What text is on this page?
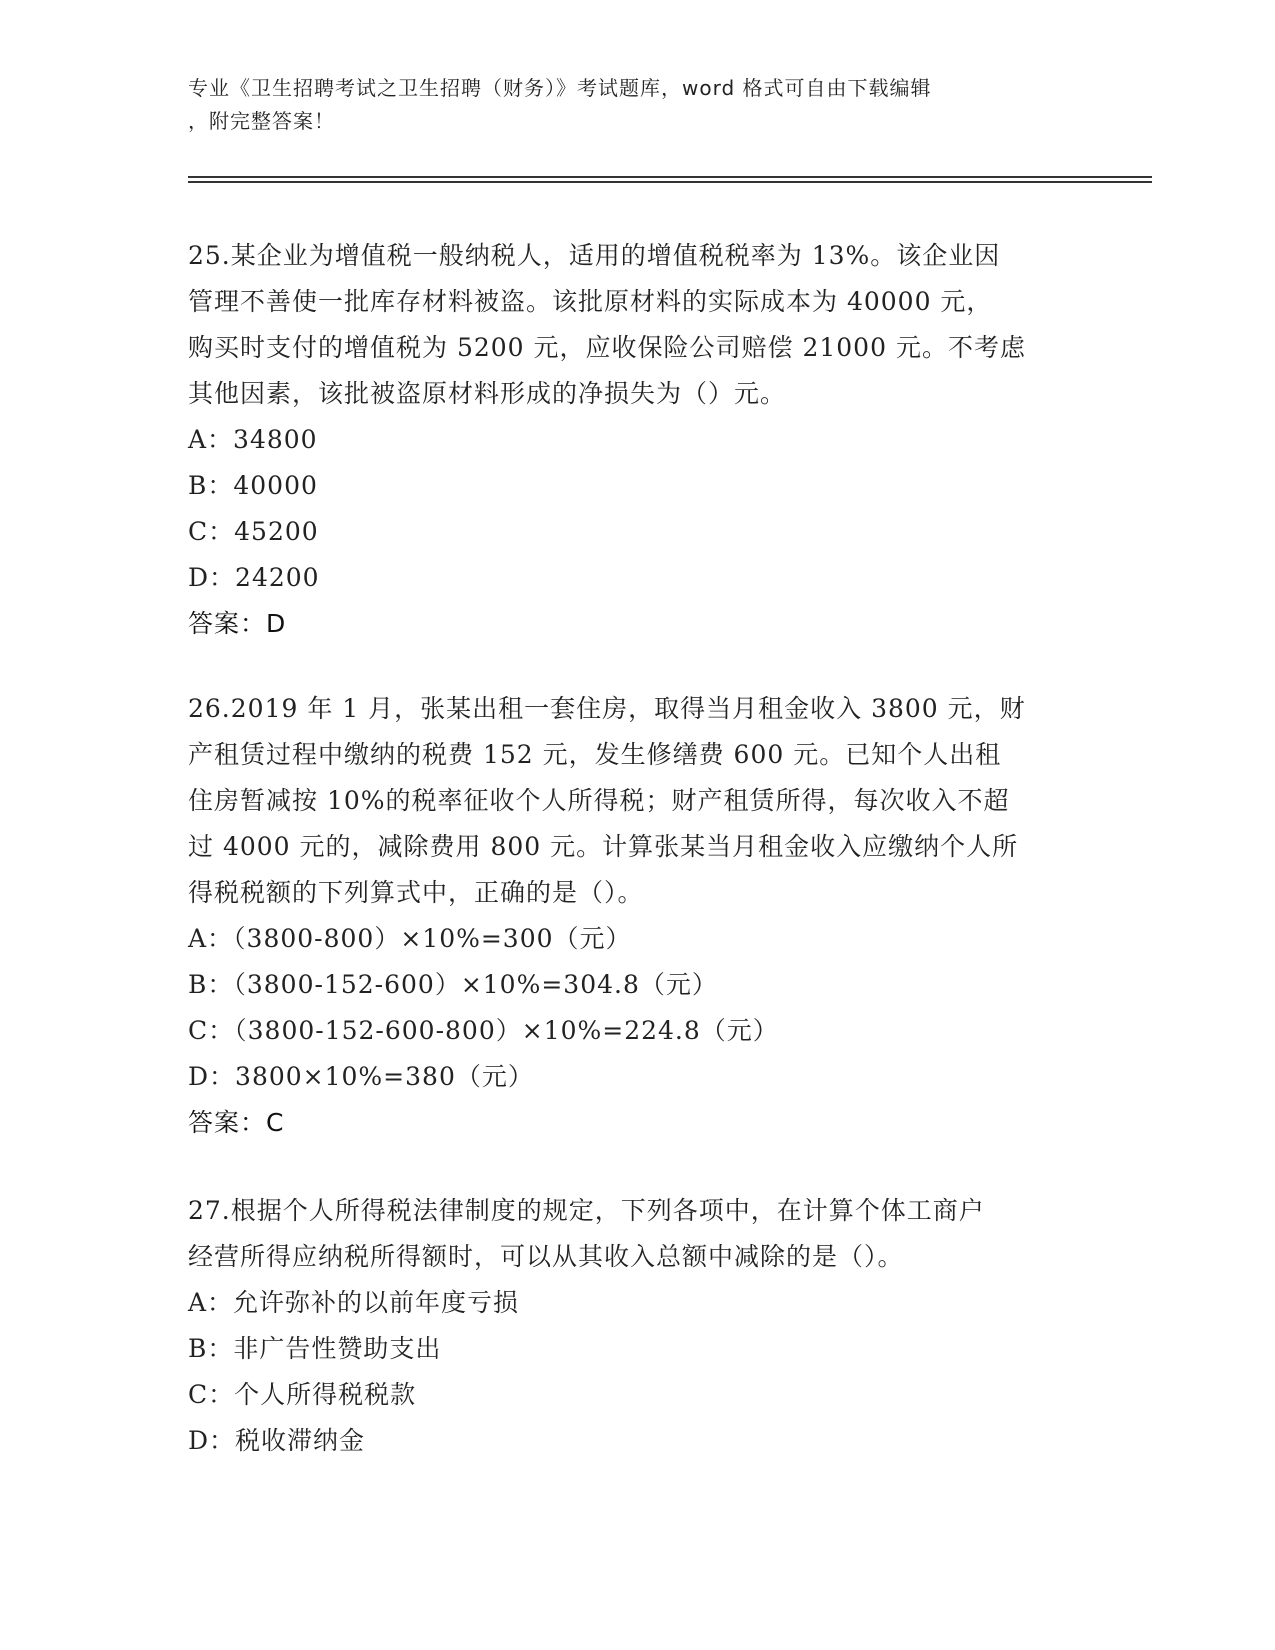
专业《卫生招聘考试之卫生招聘（财务）》考试题库，word 格式可自由下载编辑
，附完整答案！

25.某企业为增值税一般纳税人，适用的增值税税率为 13%。该企业因

管理不善使一批库存材料被盗。该批原材料的实际成本为 40000 元，

购买时支付的增值税为 5200 元，应收保险公司赔偿 21000 元。不考虑

其他因素，该批被盗原材料形成的净损失为（）元。

A：34800

B：40000

C：45200

D：24200

答案：D

26.2019 年 1 月，张某出租一套住房，取得当月租金收入 3800 元，财

产租赁过程中缴纳的税费 152 元，发生修缮费 600 元。已知个人出租

住房暂减按 10%的税率征收个人所得税；财产租赁所得，每次收入不超

过 4000 元的，减除费用 800 元。计算张某当月租金收入应缴纳个人所

得税税额的下列算式中，正确的是（）。

A：（3800-800）×10%=300（元）

B：（3800-152-600）×10%=304.8（元）

C：（3800-152-600-800）×10%=224.8（元）

D：3800×10%=380（元）

答案：C

27.根据个人所得税法律制度的规定，下列各项中，在计算个体工商户

经营所得应纳税所得额时，可以从其收入总额中减除的是（）。

A：允许弥补的以前年度亏损

B：非广告性赞助支出

C：个人所得税税款

D：税收滞纳金
